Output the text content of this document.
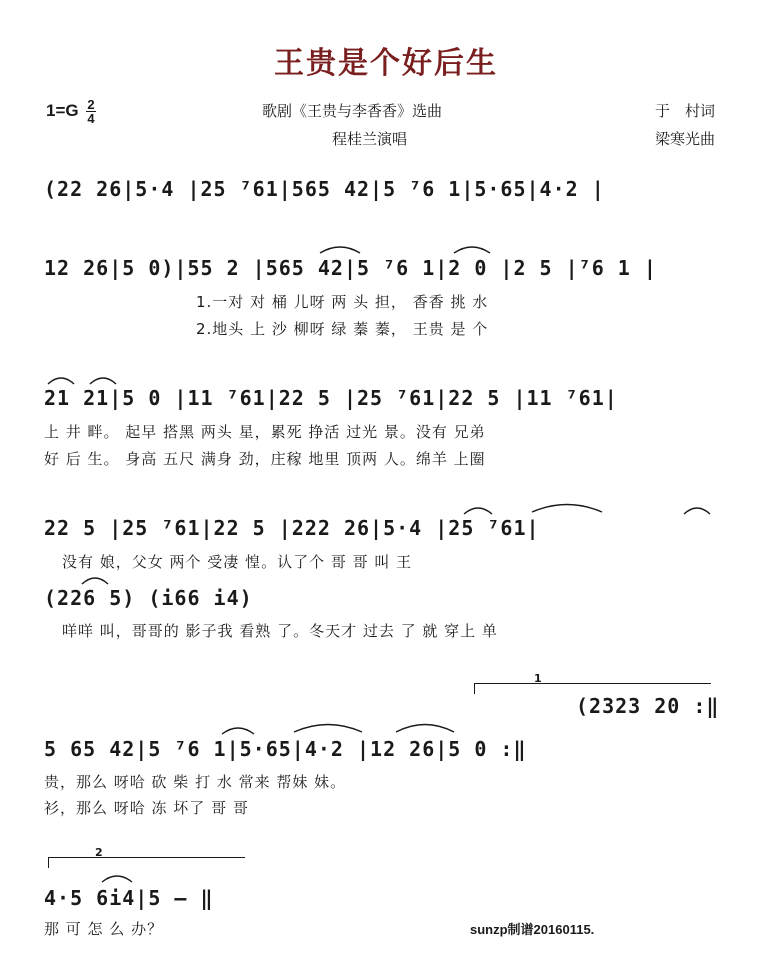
王贵是个好后生
$1=G \frac{2}{4}$	歌剧《王贵与李香香》选曲
程桂兰演唱
于　村词
梁寒光曲
(22 26|5·4 |25 ⁷61|565 42|5 ⁷6 1|5·65|4·2 |
12 26|5 0)|55 2 |565 42|5 ⁷6 1|2 0 |2 5 |⁷6 1 |
1.一对 对 桶 儿呀 两 头 担， 香香 挑 水
2.地头 上 沙 柳呀 绿 蓁 蓁， 王贵 是 个
21 21|5 0 |11 ⁷61|22 5 |25 ⁷61|22 5 |11 ⁷61|
上 井 畔。 起早 搭黑 两头 星，累死 挣活 过光 景。没有 兄弟
好 后 生。 身高 五尺 满身 劲，庄稼 地里 顶两 人。绵羊 上圈
22 5 |25 ⁷61|22 5 |222 26|5·4 |25 ⁷61|
没有 娘，父女 两个 受凄 惶。认了个 哥 哥 叫 王
(226 5) (i66 i4)
咩咩 叫，哥哥的 影子我 看熟 了。冬天才 过去 了 就 穿上 单
1
(2323 20 :‖
5 65 42|5 ⁷6 1|5·65|4·2 |12 26|5 0 :‖
贵，那么 呀哈 砍 柴 打 水 常来 帮妹 妹。
衫，那么 呀哈 冻 坏了 哥 哥
2
4·5 6i4|5 – ‖
那 可 怎 么 办？	sunzp制谱20160115.
